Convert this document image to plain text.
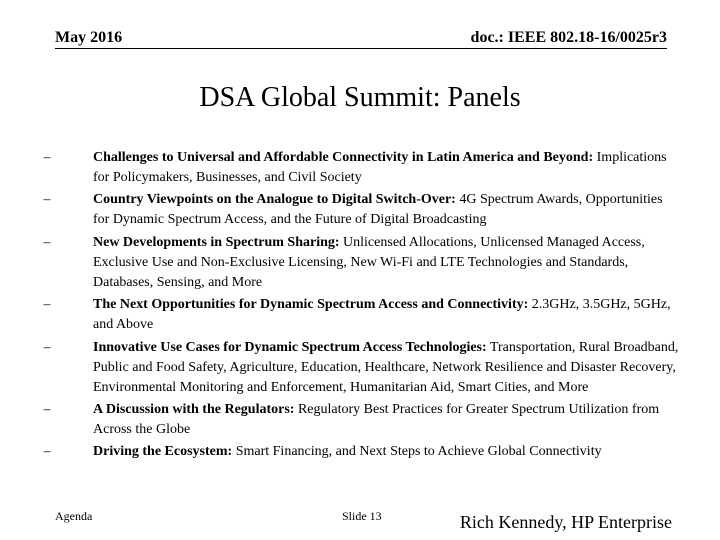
May 2016	doc.: IEEE 802.18-16/0025r3
DSA Global Summit: Panels
–	Challenges to Universal and Affordable Connectivity in Latin America and Beyond: Implications for Policymakers, Businesses, and Civil Society
–	Country Viewpoints on the Analogue to Digital Switch-Over: 4G Spectrum Awards, Opportunities for Dynamic Spectrum Access, and the Future of Digital Broadcasting
–	New Developments in Spectrum Sharing: Unlicensed Allocations, Unlicensed Managed Access, Exclusive Use and Non-Exclusive Licensing, New Wi-Fi and LTE Technologies and Standards, Databases, Sensing, and More
–	The Next Opportunities for Dynamic Spectrum Access and Connectivity: 2.3GHz, 3.5GHz, 5GHz, and Above
–	Innovative Use Cases for Dynamic Spectrum Access Technologies: Transportation, Rural Broadband, Public and Food Safety, Agriculture, Education, Healthcare, Network Resilience and Disaster Recovery, Environmental Monitoring and Enforcement, Humanitarian Aid, Smart Cities, and More
–	A Discussion with the Regulators: Regulatory Best Practices for Greater Spectrum Utilization from Across the Globe
–	Driving the Ecosystem: Smart Financing, and Next Steps to Achieve Global Connectivity
Agenda	Slide 13	Rich Kennedy, HP Enterprise
